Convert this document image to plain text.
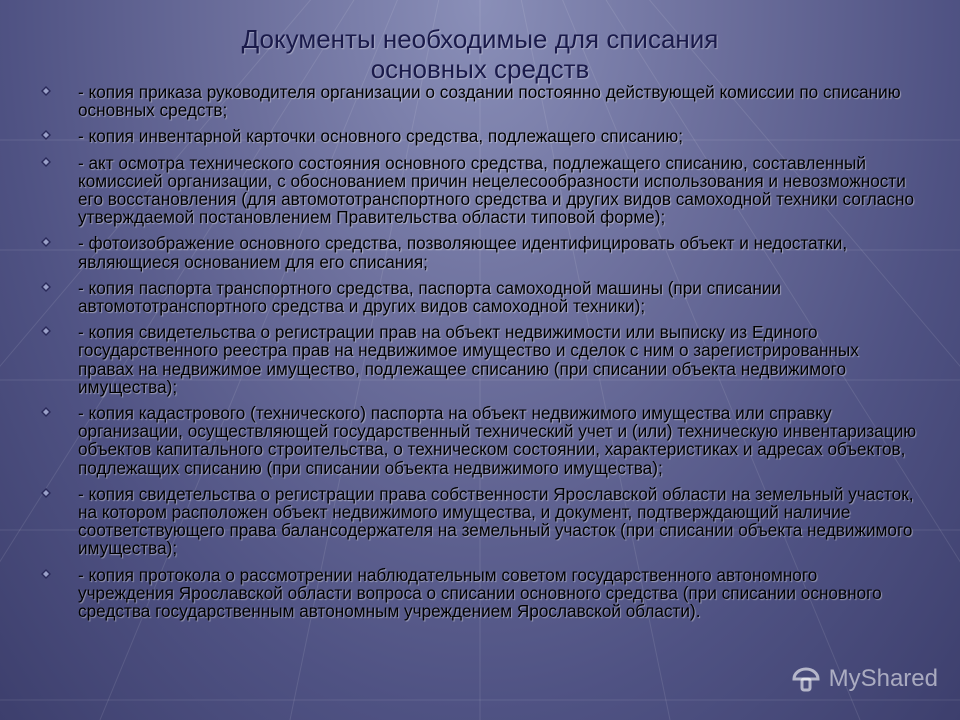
Документы необходимые для списания
основных средств
- копия приказа руководителя организации о создании постоянно действующей комиссии по списанию основных средств;
- копия инвентарной карточки основного средства, подлежащего списанию;
- акт осмотра технического состояния основного средства, подлежащего списанию, составленный комиссией организации, с обоснованием причин нецелесообразности использования и невозможности его восстановления (для автомототранспортного средства и других видов самоходной техники согласно утверждаемой постановлением Правительства области типовой форме);
- фотоизображение основного средства, позволяющее идентифицировать объект и недостатки, являющиеся основанием для его списания;
- копия паспорта транспортного средства, паспорта самоходной машины (при списании автомототранспортного средства и других видов самоходной техники);
- копия свидетельства о регистрации прав на объект недвижимости или выписку из Единого государственного реестра прав на недвижимое имущество и сделок с ним о зарегистрированных правах на недвижимое имущество, подлежащее списанию (при списании объекта недвижимого имущества);
- копия кадастрового (технического) паспорта на объект недвижимого имущества или справку организации, осуществляющей государственный технический учет и (или) техническую инвентаризацию объектов капитального строительства, о техническом состоянии, характеристиках и адресах объектов, подлежащих списанию (при списании объекта недвижимого имущества);
- копия свидетельства о регистрации права собственности Ярославской области на земельный участок, на котором расположен объект недвижимого имущества, и документ, подтверждающий наличие соответствующего права балансодержателя на земельный участок (при списании объекта недвижимого имущества);
- копия протокола о рассмотрении наблюдательным советом государственного автономного учреждения Ярославской области вопроса о списании основного средства (при списании основного средства государственным автономным учреждением Ярославской области).
MyShared
